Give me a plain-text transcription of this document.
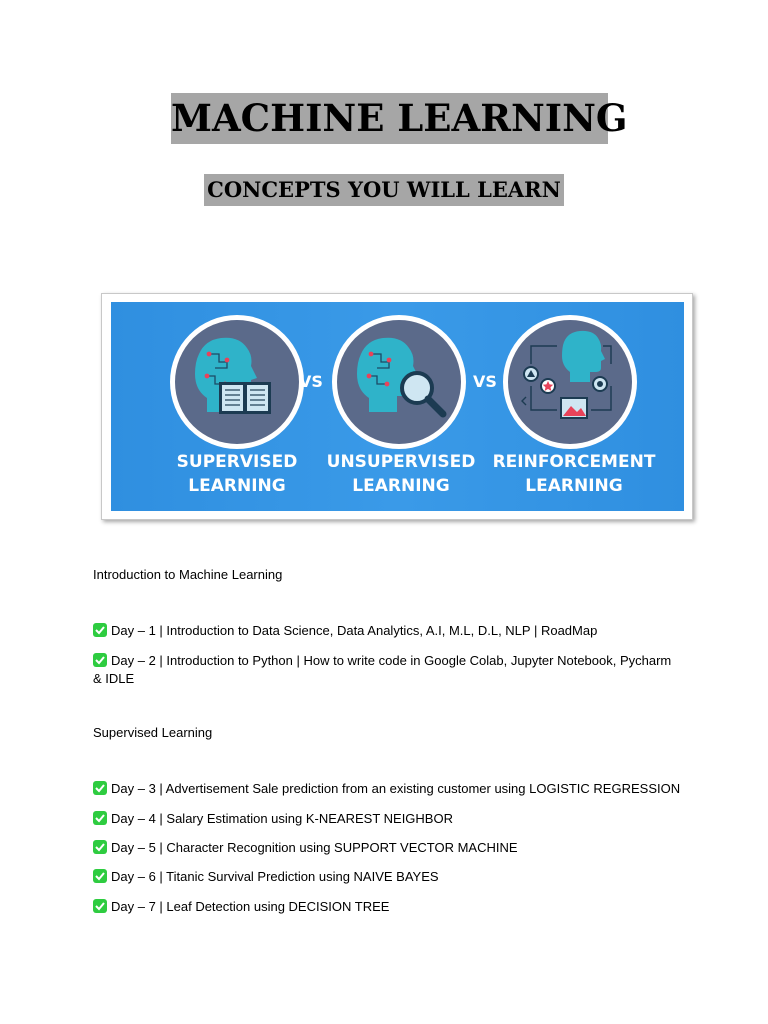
MACHINE LEARNING
CONCEPTS YOU WILL LEARN
VS	VS
SUPERVISED
LEARNING
UNSUPERVISED
LEARNING
REINFORCEMENT
LEARNING
Introduction to Machine Learning
Day – 1 | Introduction to Data Science, Data Analytics, A.I, M.L, D.L, NLP | RoadMap
Day – 2 | Introduction to Python | How to write code in Google Colab, Jupyter Notebook, Pycharm & IDLE
Supervised Learning
Day – 3 | Advertisement Sale prediction from an existing customer using LOGISTIC REGRESSION
Day – 4 | Salary Estimation using K-NEAREST NEIGHBOR
Day – 5 | Character Recognition using SUPPORT VECTOR MACHINE
Day – 6 | Titanic Survival Prediction using NAIVE BAYES
Day – 7 | Leaf Detection using DECISION TREE
